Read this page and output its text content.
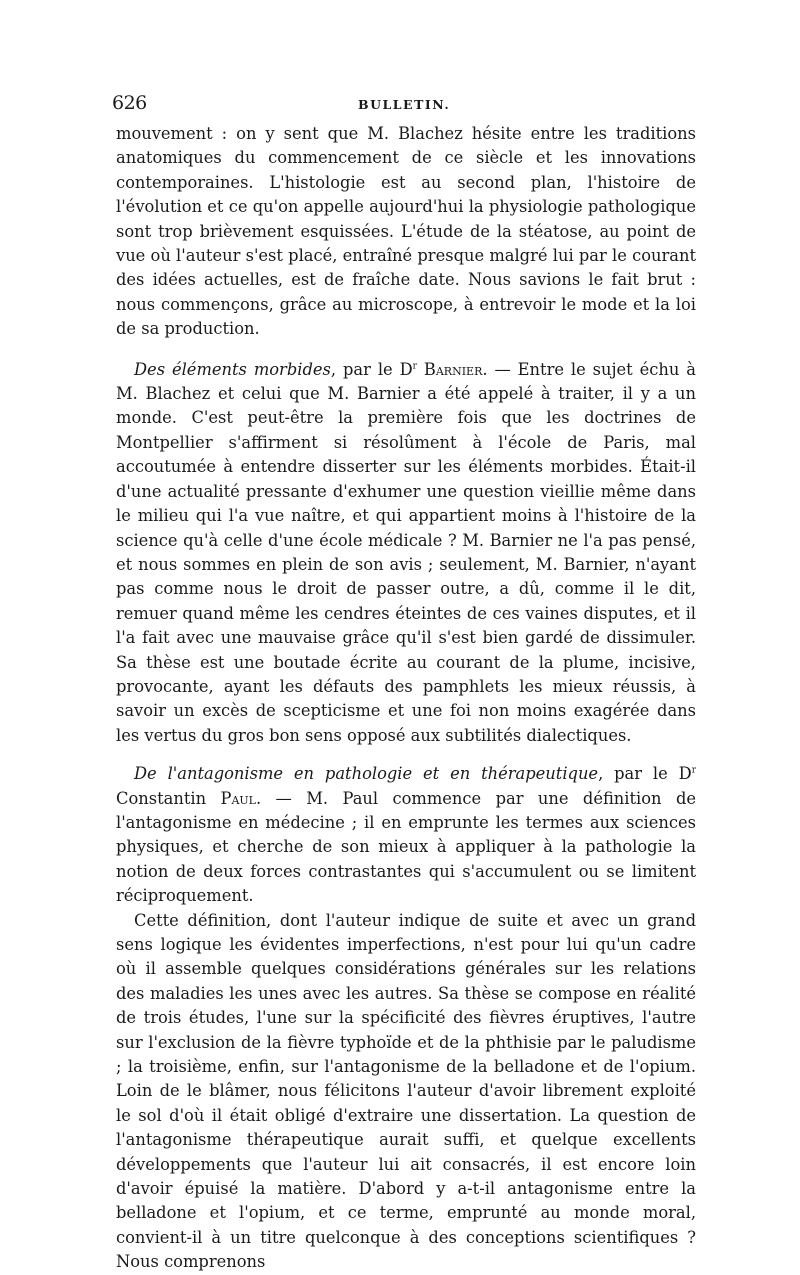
626	BULLETIN.

mouvement : on y sent que M. Blachez hésite entre les traditions anatomiques du commencement de ce siècle et les innovations contemporaines. L'histologie est au second plan, l'histoire de l'évolution et ce qu'on appelle aujourd'hui la physiologie pathologique sont trop brièvement esquissées. L'étude de la stéatose, au point de vue où l'auteur s'est placé, entraîné presque malgré lui par le courant des idées actuelles, est de fraîche date. Nous savions le fait brut : nous commençons, grâce au microscope, à entrevoir le mode et la loi de sa production.

Des éléments morbides, par le $D^r$ Barnier. — Entre le sujet échu à M. Blachez et celui que M. Barnier a été appelé à traiter, il y a un monde. C'est peut-être la première fois que les doctrines de Montpellier s'affirment si résolûment à l'école de Paris, mal accoutumée à entendre disserter sur les éléments morbides. Était-il d'une actualité pressante d'exhumer une question vieillie même dans le milieu qui l'a vue naître, et qui appartient moins à l'histoire de la science qu'à celle d'une école médicale ? M. Barnier ne l'a pas pensé, et nous sommes en plein de son avis ; seulement, M. Barnier, n'ayant pas comme nous le droit de passer outre, a dû, comme il le dit, remuer quand même les cendres éteintes de ces vaines disputes, et il l'a fait avec une mauvaise grâce qu'il s'est bien gardé de dissimuler. Sa thèse est une boutade écrite au courant de la plume, incisive, provocante, ayant les défauts des pamphlets les mieux réussis, à savoir un excès de scepticisme et une foi non moins exagérée dans les vertus du gros bon sens opposé aux subtilités dialectiques.

De l'antagonisme en pathologie et en thérapeutique, par le $D^r$ Constantin Paul. — M. Paul commence par une définition de l'antagonisme en médecine ; il en emprunte les termes aux sciences physiques, et cherche de son mieux à appliquer à la pathologie la notion de deux forces contrastantes qui s'accumulent ou se limitent réciproquement.

Cette définition, dont l'auteur indique de suite et avec un grand sens logique les évidentes imperfections, n'est pour lui qu'un cadre où il assemble quelques considérations générales sur les relations des maladies les unes avec les autres. Sa thèse se compose en réalité de trois études, l'une sur la spécificité des fièvres éruptives, l'autre sur l'exclusion de la fièvre typhoïde et de la phthisie par le paludisme ; la troisième, enfin, sur l'antagonisme de la belladone et de l'opium. Loin de le blâmer, nous félicitons l'auteur d'avoir librement exploité le sol d'où il était obligé d'extraire une dissertation. La question de l'antagonisme thérapeutique aurait suffi, et quelque excellents développements que l'auteur lui ait consacrés, il est encore loin d'avoir épuisé la matière. D'abord y a-t-il antagonisme entre la belladone et l'opium, et ce terme, emprunté au monde moral, convient-il à un titre quelconque à des conceptions scientifiques ? Nous comprenons
